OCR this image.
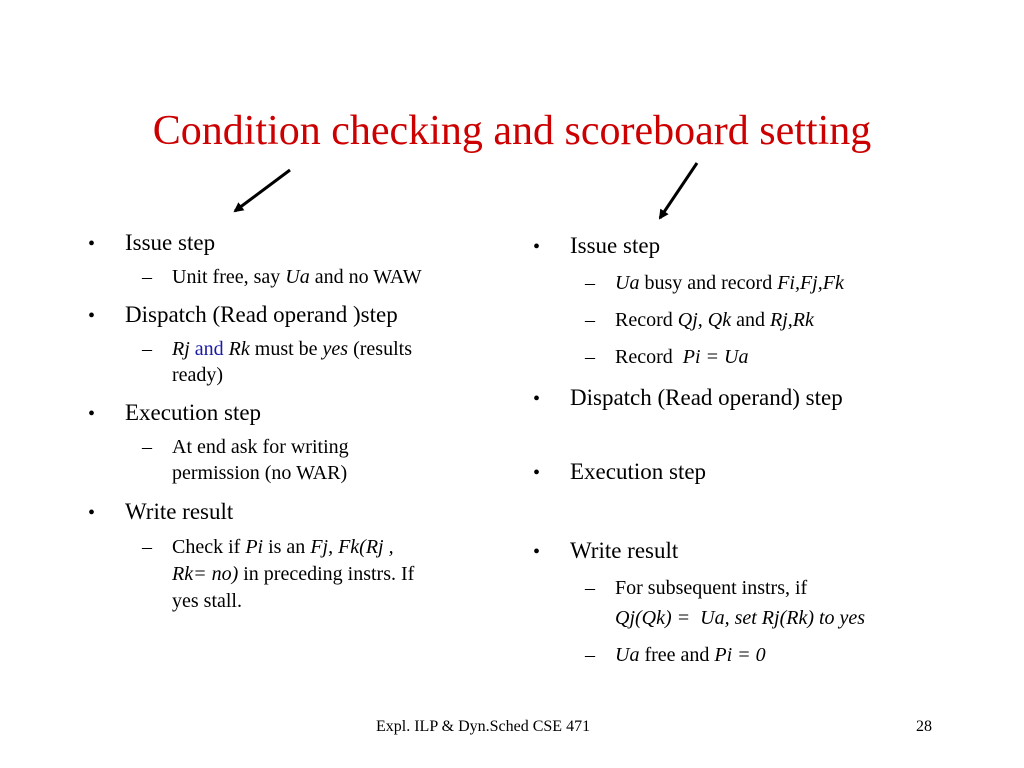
Condition checking and scoreboard setting
• Issue step
– Unit free, say Ua and no WAW
• Dispatch (Read operand )step
– Rj and Rk must be yes (results
ready)
• Execution step
– At end ask for writing
permission (no WAR)
• Write result
– Check if Pi is an Fj, Fk(Rj ,
Rk= no) in preceding instrs. If
yes stall.
• Issue step
– Ua busy and record Fi,Fj,Fk
– Record Qj, Qk and Rj,Rk
– Record  Pi = Ua
• Dispatch (Read operand) step
• Execution step
• Write result
– For subsequent instrs, if
Qj(Qk) =  Ua, set Rj(Rk) to yes
– Ua free and Pi = 0
Expl. ILP & Dyn.Sched CSE 471	28
